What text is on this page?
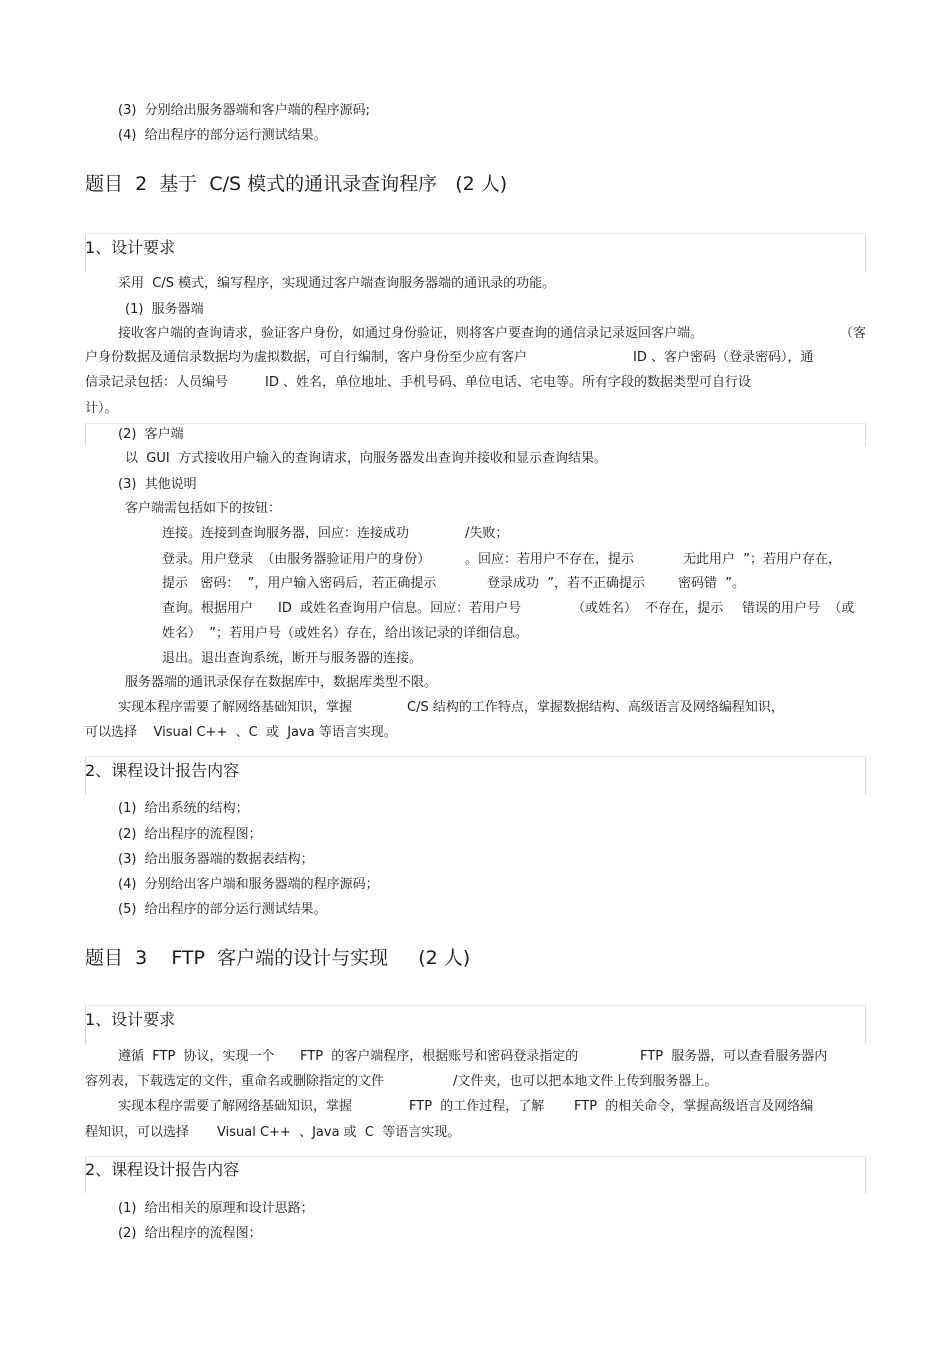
(3)  分别给出服务器端和客户端的程序源码;
(4)  给出程序的部分运行测试结果。
题目  2  基于  C/S 模式的通讯录查询程序   (2 人)
1、设计要求
采用  C/S 模式，编写程序，实现通过客户端查询服务器端的通讯录的功能。
(1)  服务器端
接收客户端的查询请求，验证客户身份，如通过身份验证，则将客户要查询的通信录记录返回客户端。	（客
户身份数据及通信录数据均为虚拟数据，可自行编制，客户身份至少应有客户	ID 、客户密码（登录密码），通
信录记录包括：人员编号	ID 、姓名，单位地址、手机号码、单位电话、宅电等。所有字段的数据类型可自行设
计）。
(2)  客户端
以  GUI  方式接收用户输入的查询请求，向服务器发出查询并接收和显示查询结果。
(3)  其他说明
客户端需包括如下的按钮：
连接。连接到查询服务器，回应：连接成功	/失败；
登录。用户登录  （由服务器验证用户的身份）	。回应：若用户不存在，提示	无此用户  ”；若用户存在，
提示   密码：  ”，用户输入密码后，若正确提示	登录成功  ”，若不正确提示	密码错  ”。
查询。根据用户 ID  或姓名查询用户信息。回应：若用户号	（或姓名）  不存在，提示 错误的用户号  （或
姓名）  ”；若用户号（或姓名）存在，给出该记录的详细信息。
退出。退出查询系统，断开与服务器的连接。
服务器端的通讯录保存在数据库中，数据库类型不限。
实现本程序需要了解网络基础知识，掌握	C/S 结构的工作特点，掌握数据结构、高级语言及网络编程知识，
可以选择    Visual C++  、C  或  Java 等语言实现。
2、课程设计报告内容
(1)  给出系统的结构；
(2)  给出程序的流程图；
(3)  给出服务器端的数据表结构；
(4)  分别给出客户端和服务器端的程序源码；
(5)  给出程序的部分运行测试结果。
题目  3    FTP  客户端的设计与实现     (2 人)
1、设计要求
遵循  FTP  协议，实现一个 FTP  的客户端程序，根据账号和密码登录指定的	FTP  服务器，可以查看服务器内
容列表，下载选定的文件，重命名或删除指定的文件	/文件夹，也可以把本地文件上传到服务器上。
实现本程序需要了解网络基础知识，掌握	FTP  的工作过程，了解 FTP  的相关命令，掌握高级语言及网络编
程知识，可以选择 Visual C++  、Java 或  C  等语言实现。
2、课程设计报告内容
(1)  给出相关的原理和设计思路；
(2)  给出程序的流程图；
